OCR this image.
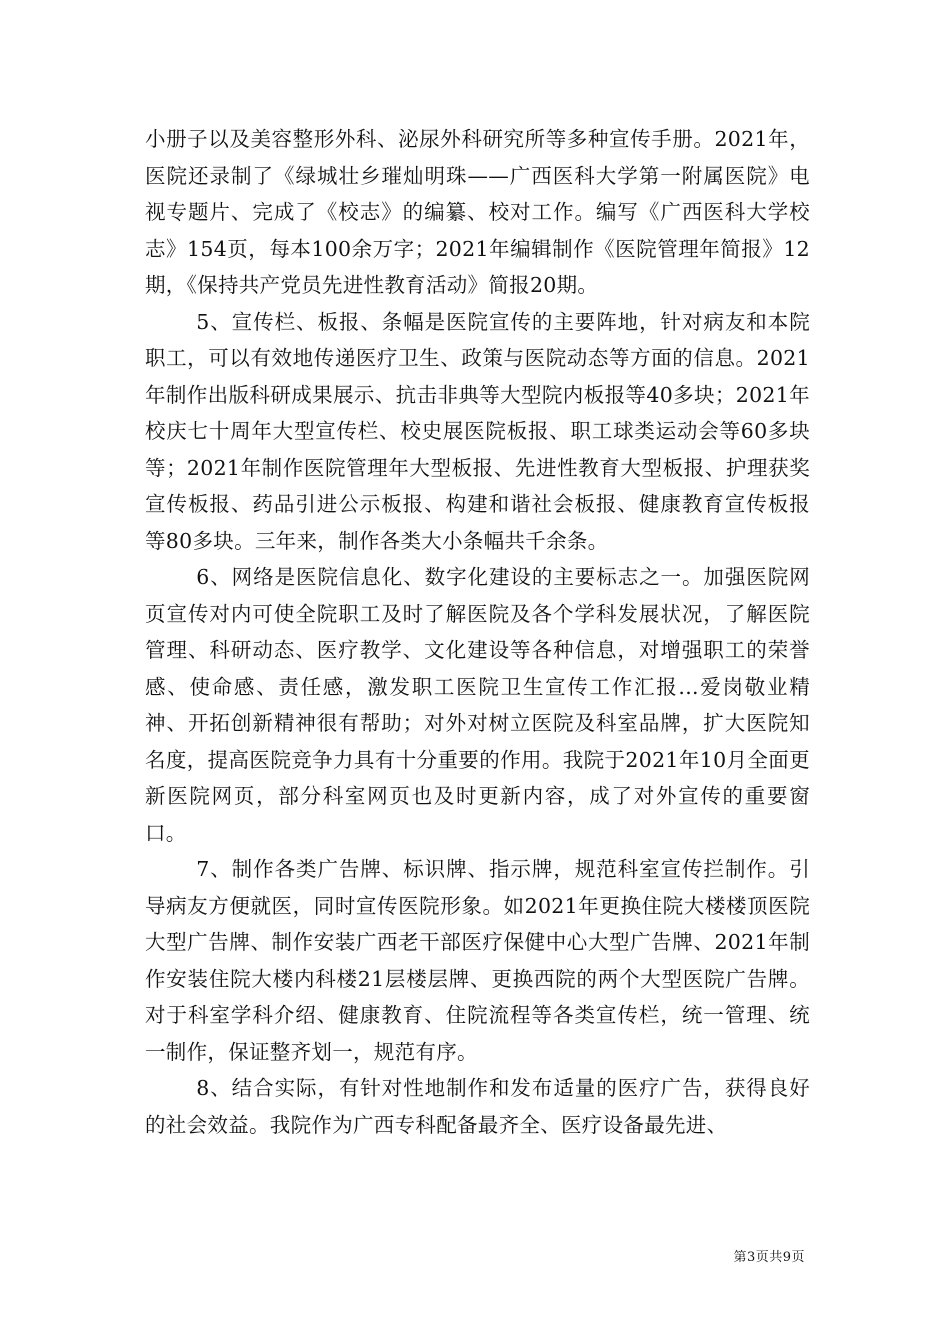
小册子以及美容整形外科、泌尿外科研究所等多种宣传手册。2021年，医院还录制了《绿城壮乡璀灿明珠——广西医科大学第一附属医院》电视专题片、完成了《校志》的编纂、校对工作。编写《广西医科大学校志》154页，每本100余万字；2021年编辑制作《医院管理年简报》12期，《保持共产党员先进性教育活动》简报20期。

5、宣传栏、板报、条幅是医院宣传的主要阵地，针对病友和本院职工，可以有效地传递医疗卫生、政策与医院动态等方面的信息。2021年制作出版科研成果展示、抗击非典等大型院内板报等40多块；2021年校庆七十周年大型宣传栏、校史展医院板报、职工球类运动会等60多块等；2021年制作医院管理年大型板报、先进性教育大型板报、护理获奖宣传板报、药品引进公示板报、构建和谐社会板报、健康教育宣传板报等80多块。三年来，制作各类大小条幅共千余条。

6、网络是医院信息化、数字化建设的主要标志之一。加强医院网页宣传对内可使全院职工及时了解医院及各个学科发展状况，了解医院管理、科研动态、医疗教学、文化建设等各种信息，对增强职工的荣誉感、使命感、责任感，激发职工医院卫生宣传工作汇报...爱岗敬业精神、开拓创新精神很有帮助；对外对树立医院及科室品牌，扩大医院知名度，提高医院竞争力具有十分重要的作用。我院于2021年10月全面更新医院网页，部分科室网页也及时更新内容，成了对外宣传的重要窗口。

7、制作各类广告牌、标识牌、指示牌，规范科室宣传拦制作。引导病友方便就医，同时宣传医院形象。如2021年更换住院大楼楼顶医院大型广告牌、制作安装广西老干部医疗保健中心大型广告牌、2021年制作安装住院大楼内科楼21层楼层牌、更换西院的两个大型医院广告牌。对于科室学科介绍、健康教育、住院流程等各类宣传栏，统一管理、统一制作，保证整齐划一，规范有序。

8、结合实际，有针对性地制作和发布适量的医疗广告，获得良好的社会效益。我院作为广西专科配备最齐全、医疗设备最先进、

第3页共9页
